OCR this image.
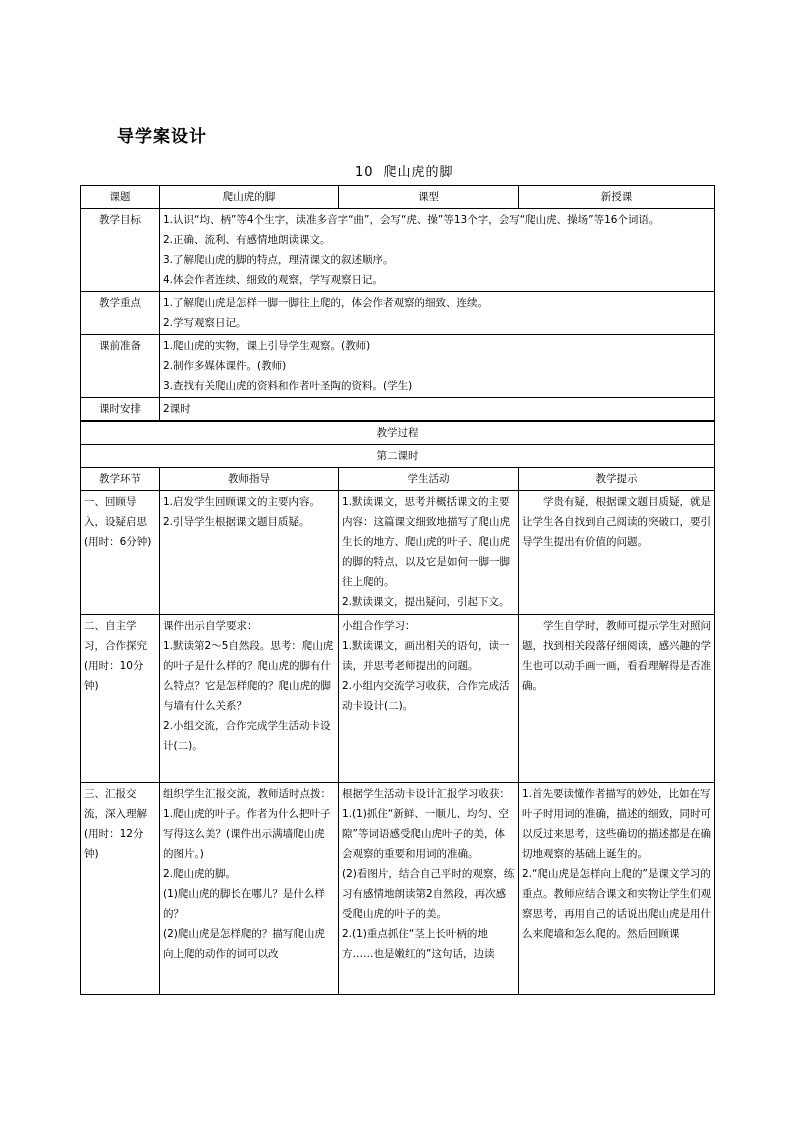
导学案设计
10 爬山虎的脚
课题	爬山虎的脚	课型	新授课
教学目标	1.认识“均、柄”等4个生字，读准多音字“曲”，会写“虎、操”等13个字，会写“爬山虎、操场”等16个词语。
2.正确、流利、有感情地朗读课文。
3.了解爬山虎的脚的特点，理清课文的叙述顺序。
4.体会作者连续、细致的观察，学写观察日记。		

教学重点	1.了解爬山虎是怎样一脚一脚往上爬的，体会作者观察的细致、连续。
2.学写观察日记。		

课前准备	1.爬山虎的实物，课上引导学生观察。(教师)
2.制作多媒体课件。(教师)
3.查找有关爬山虎的资料和作者叶圣陶的资料。(学生)		

课时安排	2课时		
教学过程			
第二课时			
教学环节	教师指导	学生活动	教学提示
一、回顾导入，设疑启思(用时：6分钟)	1.启发学生回顾课文的主要内容。
2.引导学生根据课文题目质疑。	1.默读课文，思考并概括课文的主要内容：这篇课文细致地描写了爬山虎生长的地方、爬山虎的叶子、爬山虎的脚的特点，以及它是如何一脚一脚往上爬的。
2.默读课文，提出疑问，引起下文。	学贵有疑，根据课文题目质疑，就是让学生各自找到自己阅读的突破口，要引导学生提出有价值的问题。

二、自主学习，合作探究(用时：10分钟)	课件出示自学要求：
1.默读第2～5自然段。思考：爬山虎的叶子是什么样的？爬山虎的脚有什么特点？它是怎样爬的？爬山虎的脚与墙有什么关系？
2.小组交流，合作完成学生活动卡设计(二)。	小组合作学习：
1.默读课文，画出相关的语句，读一读，并思考老师提出的问题。
2.小组内交流学习收获，合作完成活动卡设计(二)。	学生自学时，教师可提示学生对照问题，找到相关段落仔细阅读，感兴趣的学生也可以动手画一画，看看理解得是否准确。

三、汇报交流，深入理解(用时：12分钟)	组织学生汇报交流，教师适时点拨：
1.爬山虎的叶子。作者为什么把叶子写得这么美？(课件出示满墙爬山虎的图片。)
2.爬山虎的脚。
(1)爬山虎的脚长在哪儿？是什么样的？
(2)爬山虎是怎样爬的？描写爬山虎向上爬的动作的词可以改	根据学生活动卡设计汇报学习收获：
1.(1)抓住“新鲜、一顺儿、均匀、空隙”等词语感受爬山虎叶子的美，体会观察的重要和用词的准确。
(2)看图片，结合自己平时的观察，练习有感情地朗读第2自然段，再次感受爬山虎的叶子的美。
2.(1)重点抓住“茎上长叶柄的地方……也是嫩红的”这句话，边读	1.首先要读懂作者描写的妙处，比如在写叶子时用词的准确，描述的细致，同时可以反过来思考，这些确切的描述都是在确切地观察的基础上诞生的。
2.“爬山虎是怎样向上爬的”是课文学习的重点。教师应结合课文和实物让学生们观察思考，再用自己的话说出爬山虎是用什么来爬墙和怎么爬的。然后回顾课
